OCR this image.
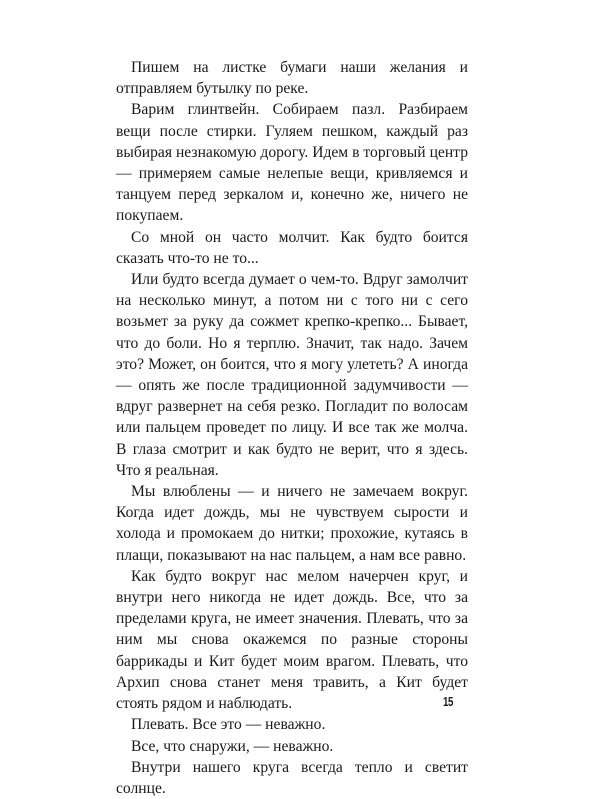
Пишем на листке бумаги наши желания и отправляем бутылку по реке.

Варим глинтвейн. Собираем пазл. Разбираем вещи после стирки. Гуляем пешком, каждый раз выбирая незнакомую дорогу. Идем в торговый центр — примеряем самые нелепые вещи, кривляемся и танцуем перед зеркалом и, конечно же, ничего не покупаем.

Со мной он часто молчит. Как будто боится сказать что-то не то...

Или будто всегда думает о чем-то. Вдруг замолчит на несколько минут, а потом ни с того ни с сего возьмет за руку да сожмет крепко-крепко... Бывает, что до боли. Но я терплю. Значит, так надо. Зачем это? Может, он боится, что я могу улететь? А иногда — опять же после традиционной задумчивости — вдруг развернет на себя резко. Погладит по волосам или пальцем проведет по лицу. И все так же молча. В глаза смотрит и как будто не верит, что я здесь. Что я реальная.

Мы влюблены — и ничего не замечаем вокруг. Когда идет дождь, мы не чувствуем сырости и холода и промокаем до нитки; прохожие, кутаясь в плащи, показывают на нас пальцем, а нам все равно.

Как будто вокруг нас мелом начерчен круг, и внутри него никогда не идет дождь. Все, что за пределами круга, не имеет значения. Плевать, что за ним мы снова окажемся по разные стороны баррикады и Кит будет моим врагом. Плевать, что Архип снова станет меня травить, а Кит будет стоять рядом и наблюдать.

Плевать. Все это — неважно.

Все, что снаружи, — неважно.

Внутри нашего круга всегда тепло и светит солнце.

15
